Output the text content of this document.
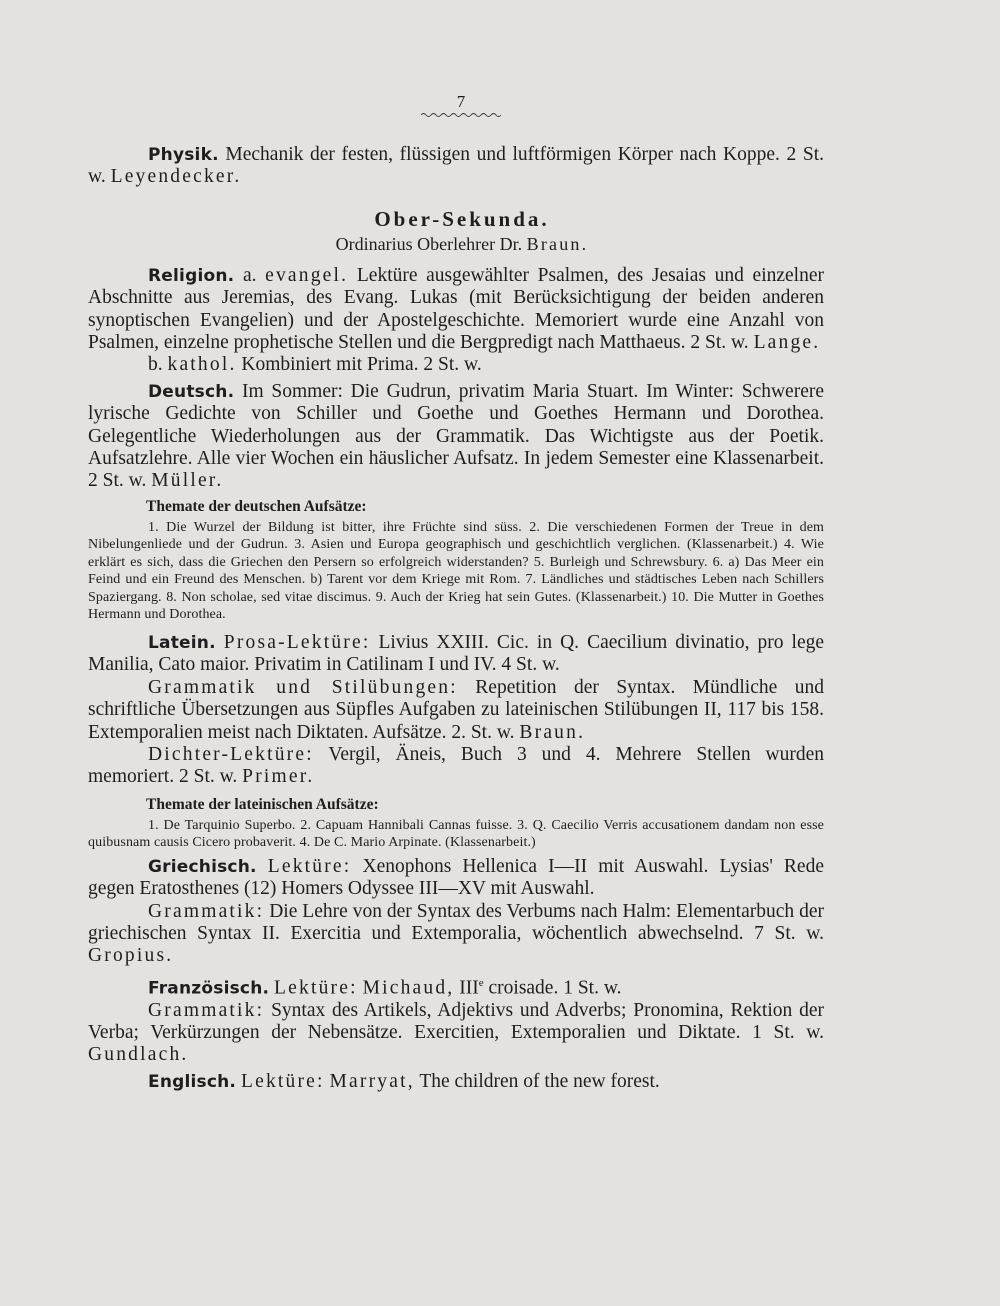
7

Physik. Mechanik der festen, flüssigen und luftförmigen Körper nach Koppe. 2 St. w. Leyendecker.

Ober-Sekunda.
Ordinarius Oberlehrer Dr. Braun.

Religion. a. evangel. Lektüre ausgewählter Psalmen, des Jesaias und einzelner Abschnitte aus Jeremias, des Evang. Lukas (mit Berücksichtigung der beiden anderen synoptischen Evangelien) und der Apostelgeschichte. Memoriert wurde eine Anzahl von Psalmen, einzelne prophetische Stellen und die Bergpredigt nach Matthaeus. 2 St. w. Lange.

b. kathol. Kombiniert mit Prima. 2 St. w.

Deutsch. Im Sommer: Die Gudrun, privatim Maria Stuart. Im Winter: Schwerere lyrische Gedichte von Schiller und Goethe und Goethes Hermann und Dorothea. Gelegentliche Wiederholungen aus der Grammatik. Das Wichtigste aus der Poetik. Aufsatzlehre. Alle vier Wochen ein häuslicher Aufsatz. In jedem Semester eine Klassenarbeit. 2 St. w. Müller.

Themate der deutschen Aufsätze:

1. Die Wurzel der Bildung ist bitter, ihre Früchte sind süss. 2. Die verschiedenen Formen der Treue in dem Nibelungenliede und der Gudrun. 3. Asien und Europa geographisch und geschichtlich verglichen. (Klassenarbeit.) 4. Wie erklärt es sich, dass die Griechen den Persern so erfolgreich widerstanden? 5. Burleigh und Schrewsbury. 6. a) Das Meer ein Feind und ein Freund des Menschen. b) Tarent vor dem Kriege mit Rom. 7. Ländliches und städtisches Leben nach Schillers Spaziergang. 8. Non scholae, sed vitae discimus. 9. Auch der Krieg hat sein Gutes. (Klassenarbeit.) 10. Die Mutter in Goethes Hermann und Dorothea.

Latein. Prosa-Lektüre: Livius XXIII. Cic. in Q. Caecilium divinatio, pro lege Manilia, Cato maior. Privatim in Catilinam I und IV. 4 St. w.

Grammatik und Stilübungen: Repetition der Syntax. Mündliche und schriftliche Übersetzungen aus Süpfles Aufgaben zu lateinischen Stilübungen II, 117 bis 158. Extemporalien meist nach Diktaten. Aufsätze. 2. St. w. Braun.

Dichter-Lektüre: Vergil, Äneis, Buch 3 und 4. Mehrere Stellen wurden memoriert. 2 St. w. Primer.

Themate der lateinischen Aufsätze:

1. De Tarquinio Superbo. 2. Capuam Hannibali Cannas fuisse. 3. Q. Caecilio Verris accusationem dandam non esse quibusnam causis Cicero probaverit. 4. De C. Mario Arpinate. (Klassenarbeit.)

Griechisch. Lektüre: Xenophons Hellenica I—II mit Auswahl. Lysias' Rede gegen Eratosthenes (12) Homers Odyssee III—XV mit Auswahl.

Grammatik: Die Lehre von der Syntax des Verbums nach Halm: Elementarbuch der griechischen Syntax II. Exercitia und Extemporalia, wöchentlich abwechselnd. 7 St. w. Gropius.

Französisch. Lektüre: Michaud, IIIe croisade. 1 St. w.

Grammatik: Syntax des Artikels, Adjektivs und Adverbs; Pronomina, Rektion der Verba; Verkürzungen der Nebensätze. Exercitien, Extemporalien und Diktate. 1 St. w. Gundlach.

Englisch. Lektüre: Marryat, The children of the new forest.
